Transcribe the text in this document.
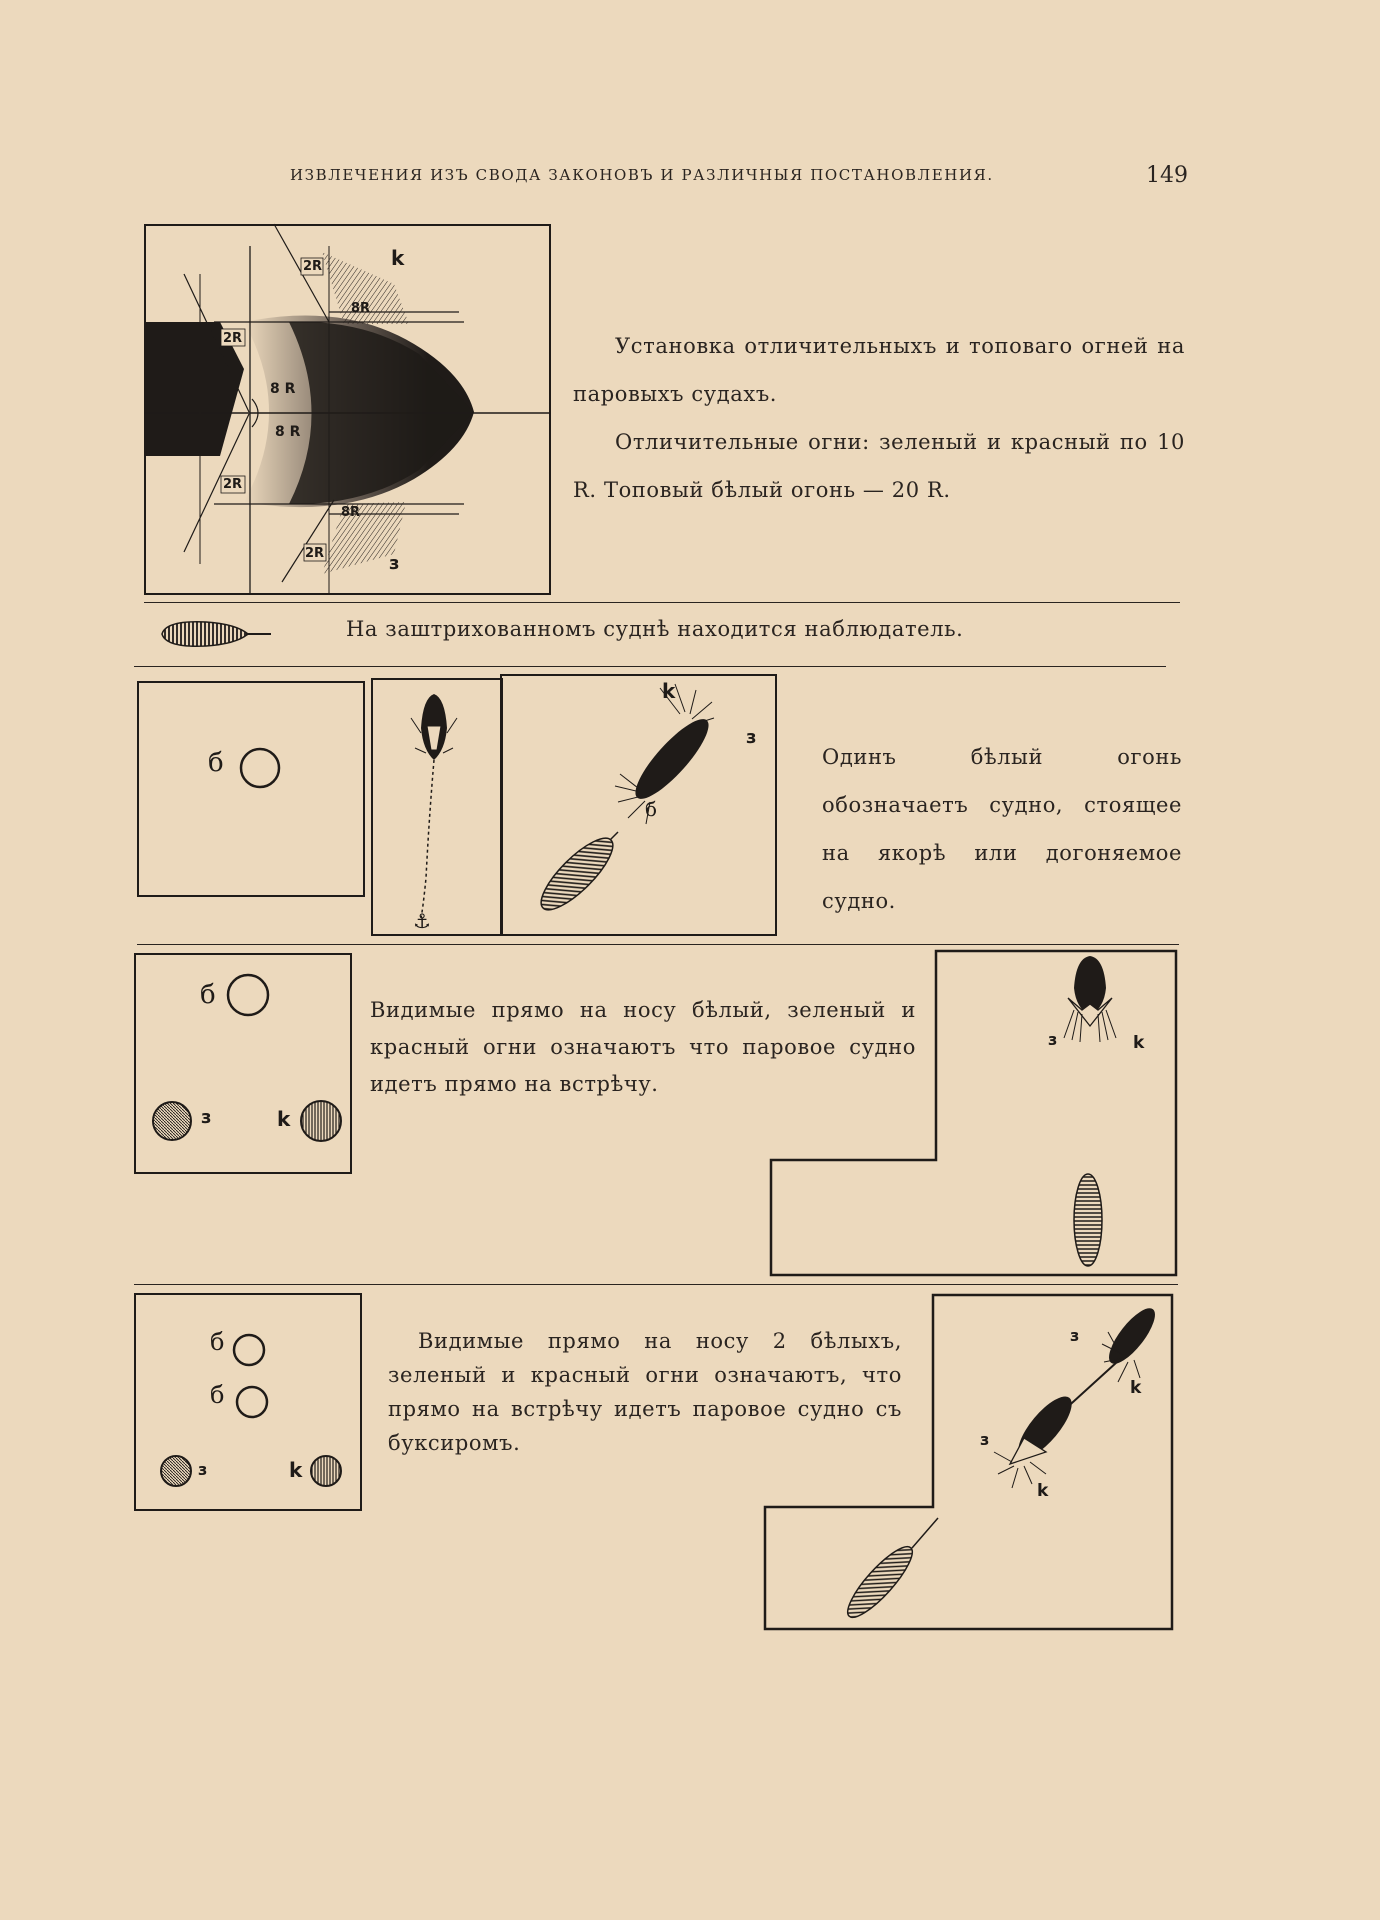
ИЗВЛЕЧЕНИЯ ИЗЪ СВОДА ЗАКОНОВЪ И РАЗЛИЧНЫЯ ПОСТАНОВЛЕНИЯ.	149
2R
8R
k
2R
8 R
8 R
2R
8R
2R	з

Установка отличительныхъ и топоваго огней на паровыхъ судахъ.

Отличительные огни: зеленый и красный по 10 R. Топовый бѣлый огонь — 20 R.

На заштрихованномъ суднѣ находится наблюдатель.
б
⚓
k
з
б
Одинъ бѣлый огонь обозначаетъ судно, стоящее на якорѣ или догоняемое судно.
б
з	k
Видимые прямо на носу бѣлый, зеленый и красный огни означаютъ что паровое судно идетъ прямо на встрѣчу.
з	k
б
б
з	k
Видимые прямо на носу 2 бѣлыхъ, зеленый и красный огни означаютъ, что прямо на встрѣчу идетъ паровое судно съ буксиромъ.
з
k
з
k
